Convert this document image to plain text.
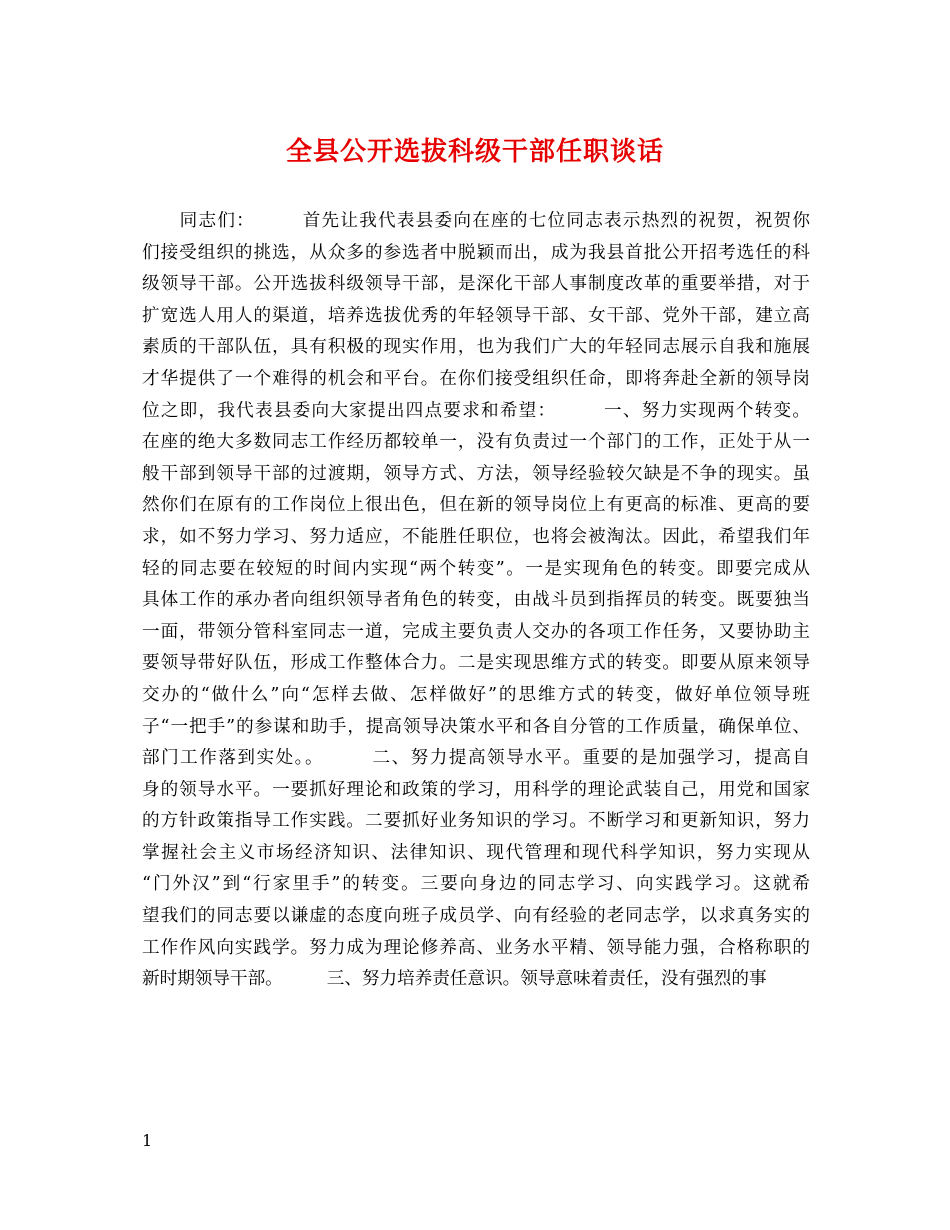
全县公开选拔科级干部任职谈话
　　同志们：　　　首先让我代表县委向在座的七位同志表示热烈的祝贺，祝贺你
们接受组织的挑选，从众多的参选者中脱颖而出，成为我县首批公开招考选任的科
级领导干部。公开选拔科级领导干部，是深化干部人事制度改革的重要举措，对于
扩宽选人用人的渠道，培养选拔优秀的年轻领导干部、女干部、党外干部，建立高
素质的干部队伍，具有积极的现实作用，也为我们广大的年轻同志展示自我和施展
才华提供了一个难得的机会和平台。在你们接受组织任命，即将奔赴全新的领导岗
位之即，我代表县委向大家提出四点要求和希望：　　　一、努力实现两个转变。
在座的绝大多数同志工作经历都较单一，没有负责过一个部门的工作，正处于从一
般干部到领导干部的过渡期，领导方式、方法，领导经验较欠缺是不争的现实。虽
然你们在原有的工作岗位上很出色，但在新的领导岗位上有更高的标准、更高的要
求，如不努力学习、努力适应，不能胜任职位，也将会被淘汰。因此，希望我们年
轻的同志要在较短的时间内实现“两个转变”。一是实现角色的转变。即要完成从
具体工作的承办者向组织领导者角色的转变，由战斗员到指挥员的转变。既要独当
一面，带领分管科室同志一道，完成主要负责人交办的各项工作任务，又要协助主
要领导带好队伍，形成工作整体合力。二是实现思维方式的转变。即要从原来领导
交办的“做什么”向“怎样去做、怎样做好”的思维方式的转变，做好单位领导班
子“一把手”的参谋和助手，提高领导决策水平和各自分管的工作质量，确保单位、
部门工作落到实处。。　　　二、努力提高领导水平。重要的是加强学习，提高自
身的领导水平。一要抓好理论和政策的学习，用科学的理论武装自己，用党和国家
的方针政策指导工作实践。二要抓好业务知识的学习。不断学习和更新知识，努力
掌握社会主义市场经济知识、法律知识、现代管理和现代科学知识，努力实现从
“门外汉”到“行家里手”的转变。三要向身边的同志学习、向实践学习。这就希
望我们的同志要以谦虚的态度向班子成员学、向有经验的老同志学，以求真务实的
工作作风向实践学。努力成为理论修养高、业务水平精、领导能力强，合格称职的
新时期领导干部。　　　三、努力培养责任意识。领导意味着责任，没有强烈的事
1
